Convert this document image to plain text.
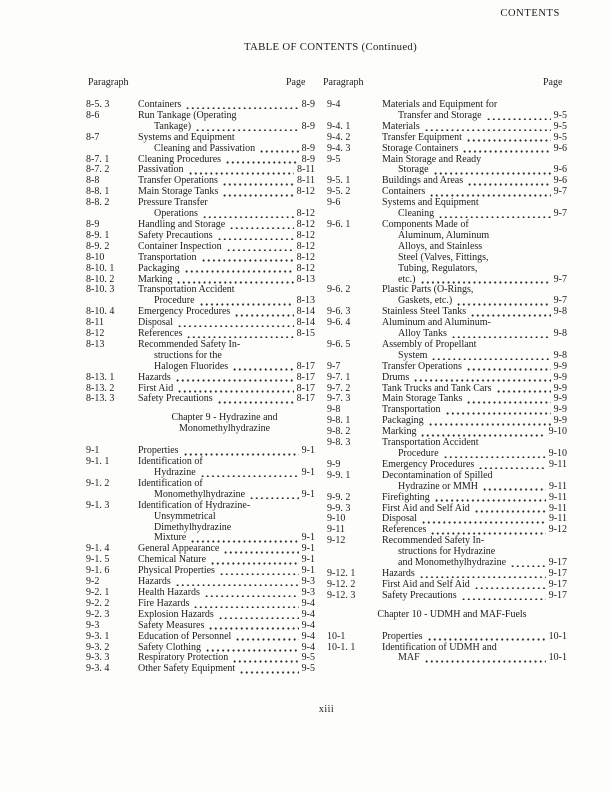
CONTENTS
TABLE OF CONTENTS (Continued)
Paragraph	Page Paragraph	Page
8-5. 3	Containers	8-9
8-6	Run Tankage (Operating
Tankage)	8-9
8-7	Systems and Equipment
Cleaning and Passivation	8-9
8-7. 1	Cleaning Procedures	8-9
8-7. 2	Passivation	8-11
8-8	Transfer Operations	8-11
8-8. 1	Main Storage Tanks	8-12
8-8. 2	Pressure Transfer
Operations	8-12
8-9	Handling and Storage	8-12
8-9. 1	Safety Precautions	8-12
8-9. 2	Container Inspection	8-12
8-10	Transportation	8-12
8-10. 1	Packaging	8-12
8-10. 2	Marking	8-13
8-10. 3	Transportation Accident
Procedure	8-13
8-10. 4	Emergency Procedures	8-14
8-11	Disposal	8-14
8-12	References	8-15
8-13	Recommended Safety In-
structions for the
Halogen Fluorides	8-17
8-13. 1	Hazards	8-17
8-13. 2	First Aid	8-17
8-13. 3	Safety Precautions	8-17
Chapter 9 - Hydrazine and
Monomethylhydrazine
9-1	Properties	9-1
9-1. 1	Identification of
Hydrazine	9-1
9-1. 2	Identification of
Monomethylhydrazine	9-1
9-1. 3	Identification of Hydrazine-
Unsymmetrical
Dimethylhydrazine
Mixture	9-1
9-1. 4	General Appearance	9-1
9-1. 5	Chemical Nature	9-1
9-1. 6	Physical Properties	9-1
9-2	Hazards	9-3
9-2. 1	Health Hazards	9-3
9-2. 2	Fire Hazards	9-4
9-2. 3	Explosion Hazards	9-4
9-3	Safety Measures	9-4
9-3. 1	Education of Personnel	9-4
9-3. 2	Safety Clothing	9-4
9-3. 3	Respiratory Protection	9-5
9-3. 4	Other Safety Equipment	9-5
9-4	Materials and Equipment for
Transfer and Storage	9-5
9-4. 1	Materials	9-5
9-4. 2	Transfer Equipment	9-5
9-4. 3	Storage Containers	9-6
9-5	Main Storage and Ready
Storage	9-6
9-5. 1	Buildings and Areas	9-6
9-5. 2	Containers	9-7
9-6	Systems and Equipment
Cleaning	9-7
9-6. 1	Components Made of
Aluminum, Aluminum
Alloys, and Stainless
Steel (Valves, Fittings,
Tubing, Regulators,
etc.)	9-7
9-6. 2	Plastic Parts (O-Rings,
Gaskets, etc.)	9-7
9-6. 3	Stainless Steel Tanks	9-8
9-6. 4	Aluminum and Aluminum-
Alloy Tanks	9-8
9-6. 5	Assembly of Propellant
System	9-8
9-7	Transfer Operations	9-9
9-7. 1	Drums	9-9
9-7. 2	Tank Trucks and Tank Cars	9-9
9-7. 3	Main Storage Tanks	9-9
9-8	Transportation	9-9
9-8. 1	Packaging	9-9
9-8. 2	Marking	9-10
9-8. 3	Transportation Accident
Procedure	9-10
9-9	Emergency Procedures	9-11
9-9. 1	Decontamination of Spilled
Hydrazine or MMH	9-11
9-9. 2	Firefighting	9-11
9-9. 3	First Aid and Self Aid	9-11
9-10	Disposal	9-11
9-11	References	9-12
9-12	Recommended Safety In-
structions for Hydrazine
and Monomethylhydrazine	9-17
9-12. 1	Hazards	9-17
9-12. 2	First Aid and Self Aid	9-17
9-12. 3	Safety Precautions	9-17
Chapter 10 - UDMH and MAF-Fuels
10-1	Properties	10-1
10-1. 1	Identification of UDMH and
MAF	10-1
xiii
